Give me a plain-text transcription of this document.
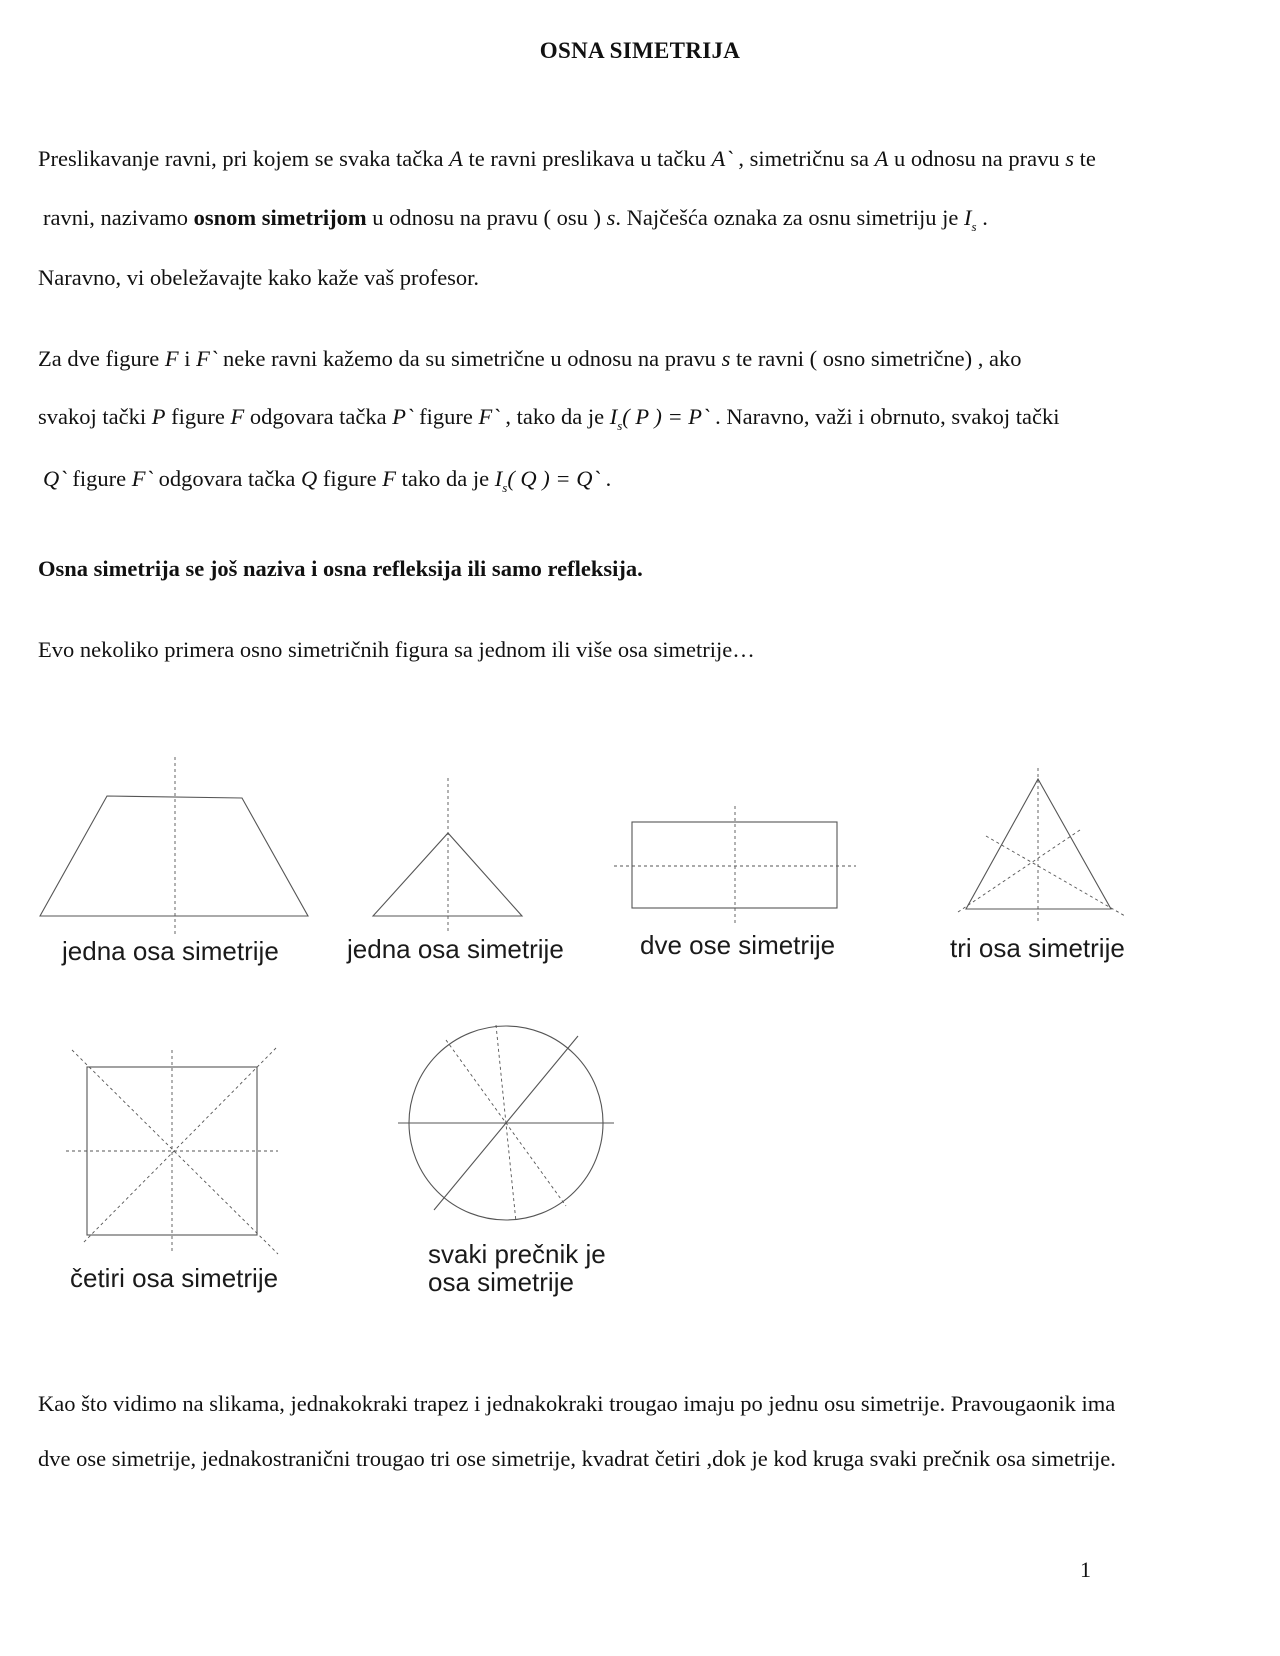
OSNA SIMETRIJA
Preslikavanje ravni, pri kojem se svaka tačka A te ravni preslikava u tačku A` , simetričnu sa A u odnosu na pravu s te
ravni, nazivamo osnom simetrijom u odnosu na pravu ( osu ) s. Najčešća oznaka za osnu simetriju je $I_s$ .
Naravno, vi obeležavajte kako kaže vaš profesor.
Za dve figure F i F` neke ravni kažemo da su simetrične u odnosu na pravu s te ravni ( osno simetrične) , ako
svakoj tački P figure F odgovara tačka P` figure F` , tako da je $I_s$( P ) = P` . Naravno, važi i obrnuto, svakoj tački
Q` figure F` odgovara tačka Q figure F tako da je $I_s$( Q ) = Q` .
Osna simetrija se još naziva i osna refleksija ili samo refleksija.
Evo nekoliko primera osno simetričnih figura sa jednom ili više osa simetrije…
jedna osa simetrije	jedna osa simetrije	dve ose simetrije	tri osa simetrije
četiri osa simetrije
svaki prečnik je
osa simetrije
Kao što vidimo na slikama, jednakokraki trapez i jednakokraki trougao imaju po jednu osu simetrije. Pravougaonik ima
dve ose simetrije, jednakostranični trougao tri ose simetrije, kvadrat četiri ,dok je kod kruga svaki prečnik osa simetrije.
1
